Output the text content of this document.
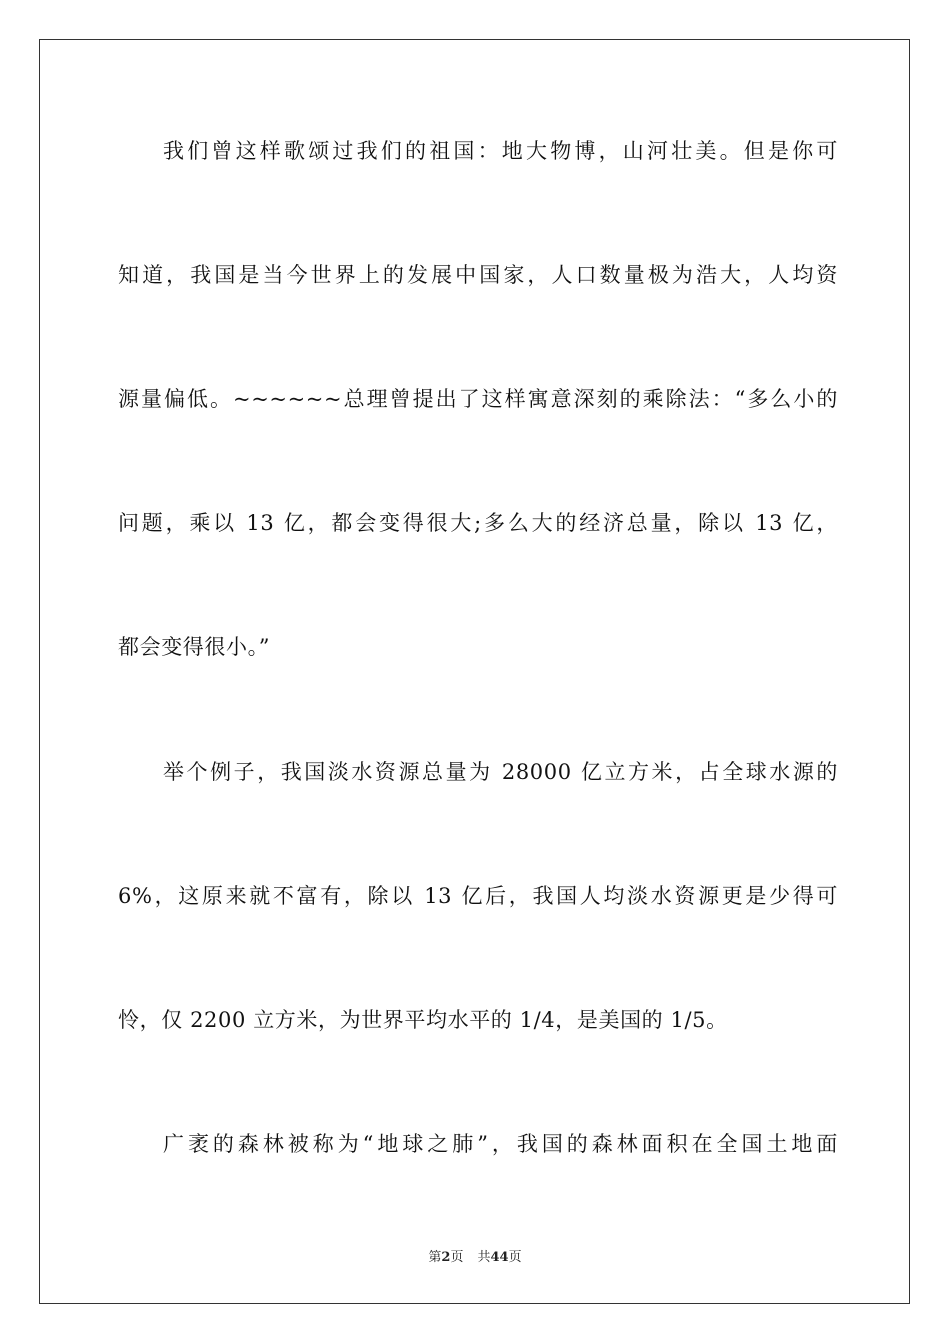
我们曾这样歌颂过我们的祖国：地大物博，山河壮美。但是你可
知道，我国是当今世界上的发展中国家，人口数量极为浩大，人均资
源量偏低。~~~~~~总理曾提出了这样寓意深刻的乘除法：“多么小的
问题，乘以 13 亿，都会变得很大;多么大的经济总量，除以 13 亿，
都会变得很小。”
举个例子，我国淡水资源总量为 28000 亿立方米，占全球水源的
6%，这原来就不富有，除以 13 亿后，我国人均淡水资源更是少得可
怜，仅 2200 立方米，为世界平均水平的 1/4，是美国的 1/5。
广袤的森林被称为“地球之肺”，我国的森林面积在全国土地面
第2页 共44页
